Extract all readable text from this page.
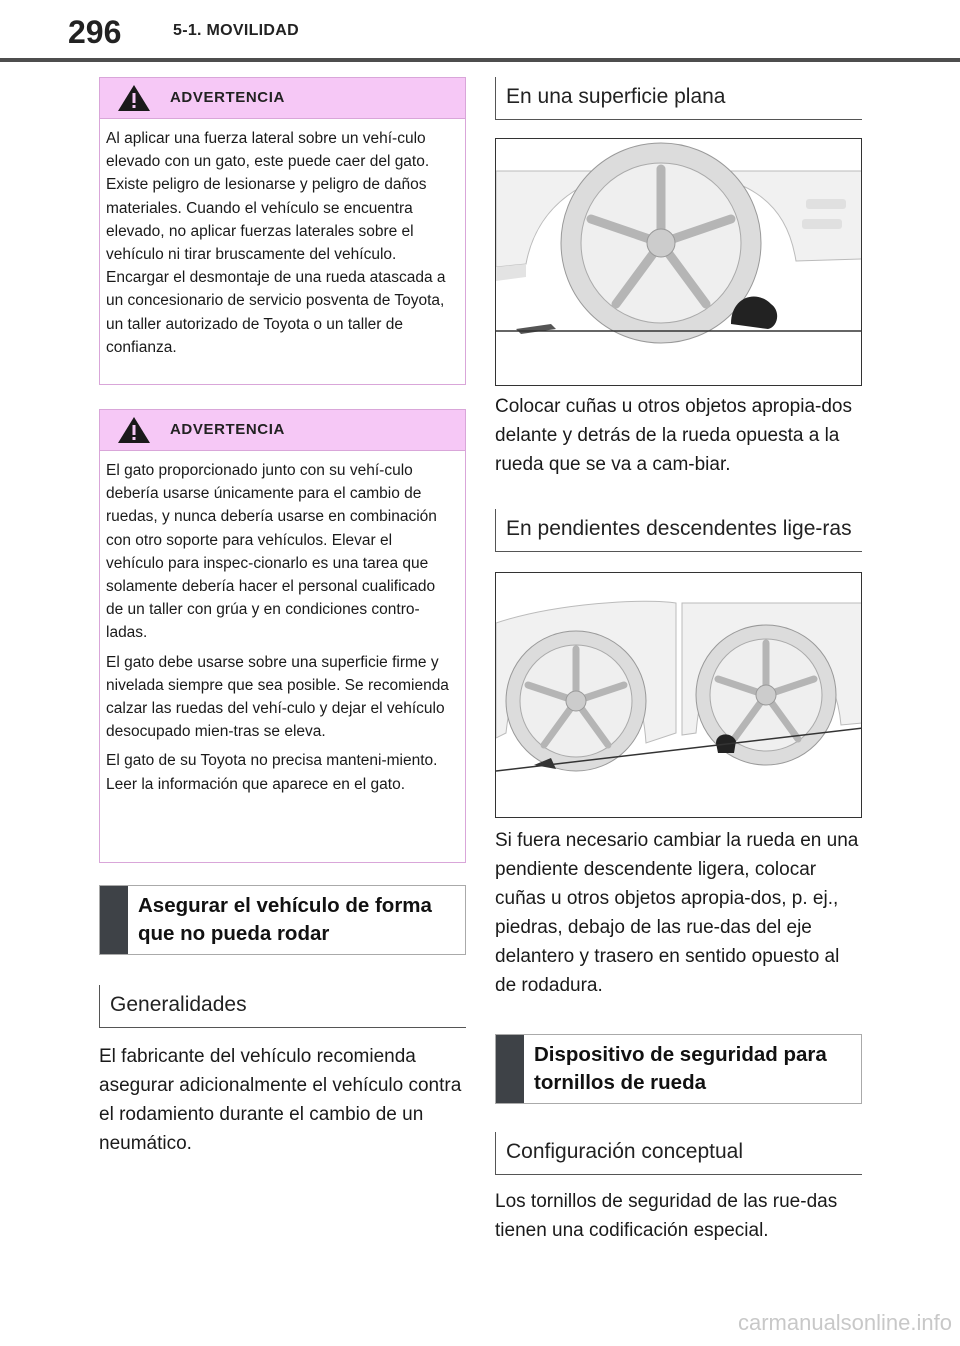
296	5-1. MOVILIDAD
ADVERTENCIA

Al aplicar una fuerza lateral sobre un vehí-culo elevado con un gato, este puede caer del gato. Existe peligro de lesionarse y peligro de daños materiales. Cuando el vehículo se encuentra elevado, no aplicar fuerzas laterales sobre el vehículo ni tirar bruscamente del vehículo. Encargar el desmontaje de una rueda atascada a un concesionario de servicio posventa de Toyota, un taller autorizado de Toyota o un taller de confianza.

ADVERTENCIA

El gato proporcionado junto con su vehí-culo debería usarse únicamente para el cambio de ruedas, y nunca debería usarse en combinación con otro soporte para vehículos. Elevar el vehículo para inspec-cionarlo es una tarea que solamente debería hacer el personal cualificado de un taller con grúa y en condiciones contro-ladas.

El gato debe usarse sobre una superficie firme y nivelada siempre que sea posible. Se recomienda calzar las ruedas del vehí-culo y dejar el vehículo desocupado mien-tras se eleva.

El gato de su Toyota no precisa manteni-miento. Leer la información que aparece en el gato.

Asegurar el vehículo de forma que no pueda rodar
Generalidades

El fabricante del vehículo recomienda asegurar adicionalmente el vehículo contra el rodamiento durante el cambio de un neumático.

En una superficie plana

Colocar cuñas u otros objetos apropia-dos delante y detrás de la rueda opuesta a la rueda que se va a cam-biar.

En pendientes descendentes lige-ras

Si fuera necesario cambiar la rueda en una pendiente descendente ligera, colocar cuñas u otros objetos apropia-dos, p. ej., piedras, debajo de las rue-das del eje delantero y trasero en sentido opuesto al de rodadura.

Dispositivo de seguridad para tornillos de rueda
Configuración conceptual

Los tornillos de seguridad de las rue-das tienen una codificación especial.

carmanualsonline.info
